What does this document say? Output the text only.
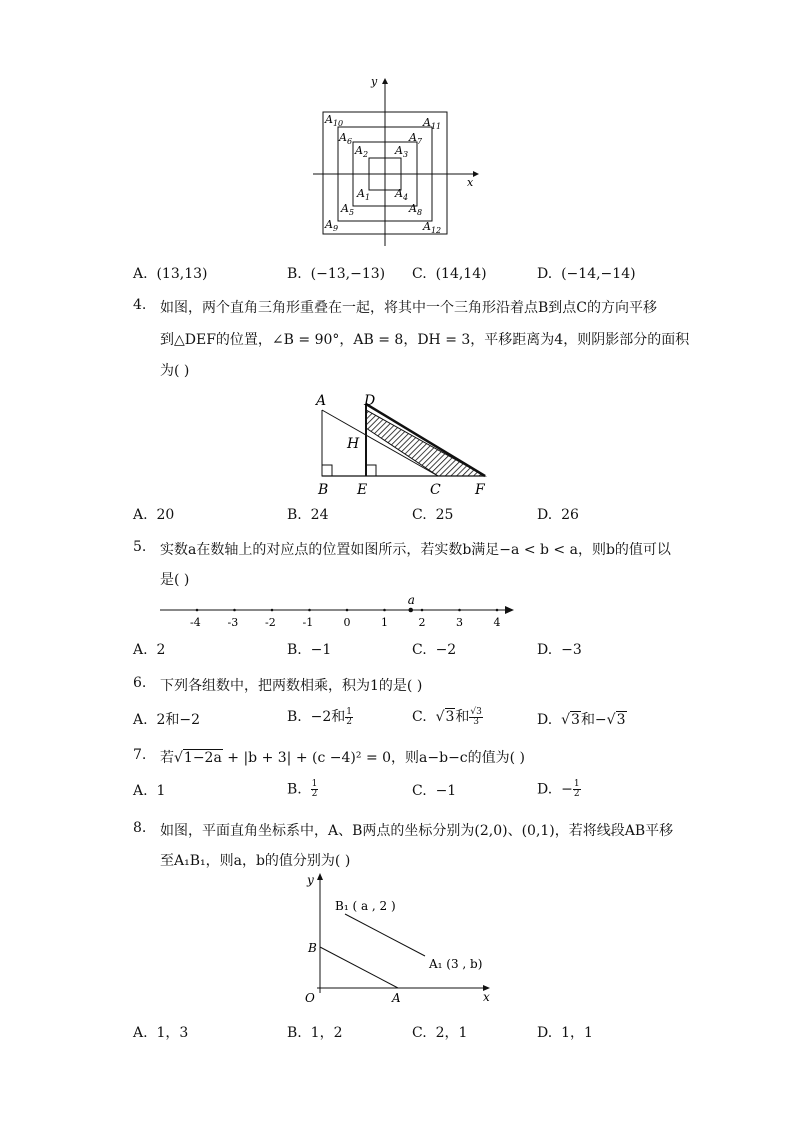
x
y
$A_{10}$	$A_{11}$
$A_6$	$A_7$
$A_2$ $A_3$
$A_1$ $A_4$
$A_5$	$A_8$
$A_9$	$A_{12}$
A. (13,13)	B. (−13,−13) C. (14,14)	D. (−14,−14)
4. 如图，两个直角三角形重叠在一起，将其中一个三角形沿着点B到点C的方向平移
到△DEF的位置，∠B = 90°，AB = 8，DH = 3，平移距离为4，则阴影部分的面积
为( )
A	D
H
B E	C F
A. 20	B. 24	C. 25	D. 26
5. 实数a在数轴上的对应点的位置如图所示，若实数b满足−a < b < a，则b的值可以
是( )
-4 -3 -2 -1	0	1	2	3	4
a
A. 2	B. −1	C. −2	D. −3
6. 下列各组数中，把两数相乘，积为1的是( )
A. 2和−2	B. −2和 $\frac{1}{2}$	C.  √3和 $\frac{√3}{3}$	D.  √3和−√3
7. 若√1−2a + |b + 3| + (c −4)² = 0，则a−b−c的值为( )
A. 1	B. $\frac{1}{2}$	C. −1	D. − $\frac{1}{2}$
8. 如图，平面直角坐标系中，A、B两点的坐标分别为(2,0)、(0,1)，若将线段AB平移
至A₁B₁，则a，b的值分别为( )
y
x
O	A
B
B₁ ( a , 2 )
A₁ (3 , b)
A. 1，3	B. 1，2	C. 2，1	D. 1，1
